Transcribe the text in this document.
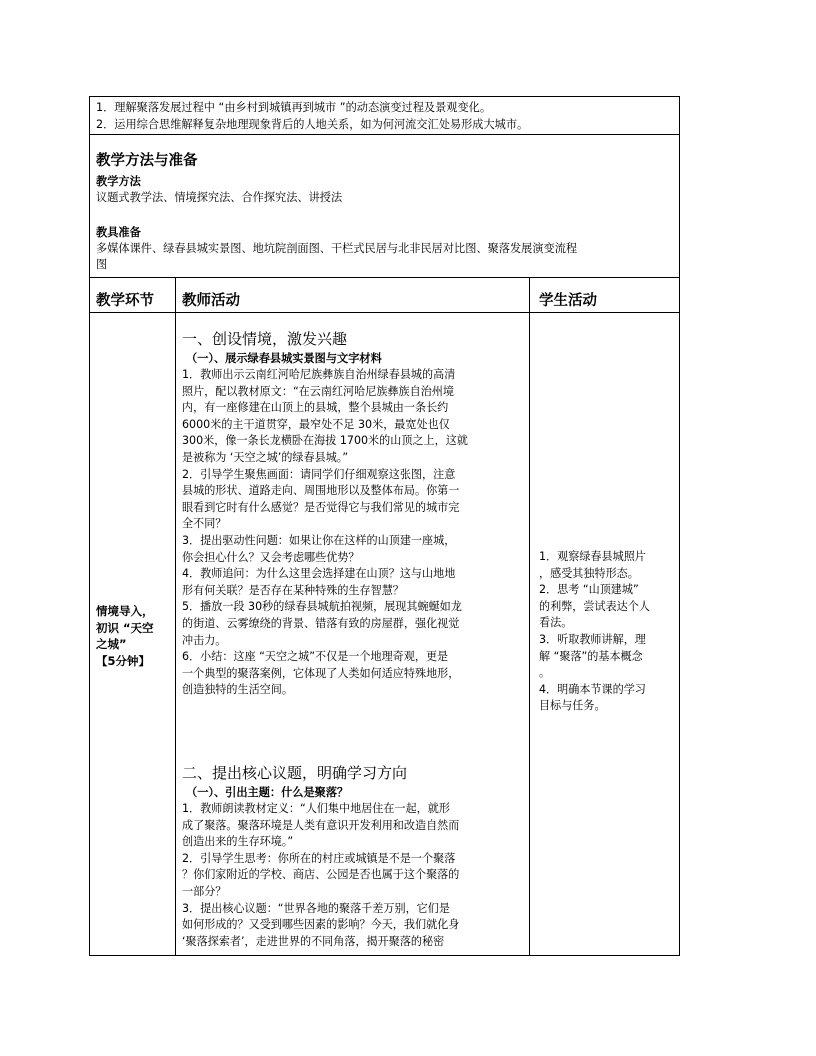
1．理解聚落发展过程中 “由乡村到城镇再到城市 ”的动态演变过程及景观变化。
2．运用综合思维解释复杂地理现象背后的人地关系，如为何河流交汇处易形成大城市。
教学方法与准备
教学方法
议题式教学法、情境探究法、合作探究法、讲授法
教具准备
多媒体课件、绿春县城实景图、地坑院剖面图、干栏式民居与北非民居对比图、聚落发展演变流程
图
教学环节 教师活动	学生活动

情境导入，

初识 “天空

之城”

【5分钟】

一、创设情境，激发兴趣
（一）、展示绿春县城实景图与文字材料

1．教师出示云南红河哈尼族彝族自治州绿春县城的高清

照片，配以教材原文：“在云南红河哈尼族彝族自治州境

内，有一座修建在山顶上的县城，整个县城由一条长约

6000米的主干道贯穿，最窄处不足 30米，最宽处也仅

300米，像一条长龙横卧在海拔 1700米的山顶之上，这就

是被称为 ‘天空之城’的绿春县城。”

2．引导学生聚焦画面：请同学们仔细观察这张图，注意

县城的形状、道路走向、周围地形以及整体布局。你第一

眼看到它时有什么感觉？是否觉得它与我们常见的城市完

全不同？

3．提出驱动性问题：如果让你在这样的山顶建一座城，

你会担心什么？又会考虑哪些优势？

4．教师追问：为什么这里会选择建在山顶？这与山地地

形有何关联？是否存在某种特殊的生存智慧？

5．播放一段 30秒的绿春县城航拍视频，展现其蜿蜒如龙

的街道、云雾缭绕的背景、错落有致的房屋群，强化视觉

冲击力。

6．小结：这座 “天空之城”不仅是一个地理奇观，更是

一个典型的聚落案例，它体现了人类如何适应特殊地形，

创造独特的生活空间。

二、提出核心议题，明确学习方向
（一）、引出主题：什么是聚落？

1．教师朗读教材定义：“人们集中地居住在一起，就形

成了聚落。聚落环境是人类有意识开发利用和改造自然而

创造出来的生存环境。”

2．引导学生思考：你所在的村庄或城镇是不是一个聚落

？你们家附近的学校、商店、公园是否也属于这个聚落的

一部分？

3．提出核心议题：“世界各地的聚落千差万别，它们是

如何形成的？又受到哪些因素的影响？今天，我们就化身

‘聚落探索者’，走进世界的不同角落，揭开聚落的秘密

1．观察绿春县城照片

，感受其独特形态。

2．思考 “山顶建城”

的利弊，尝试表达个人

看法。

3．听取教师讲解，理

解 “聚落”的基本概念

。

4．明确本节课的学习

目标与任务。
